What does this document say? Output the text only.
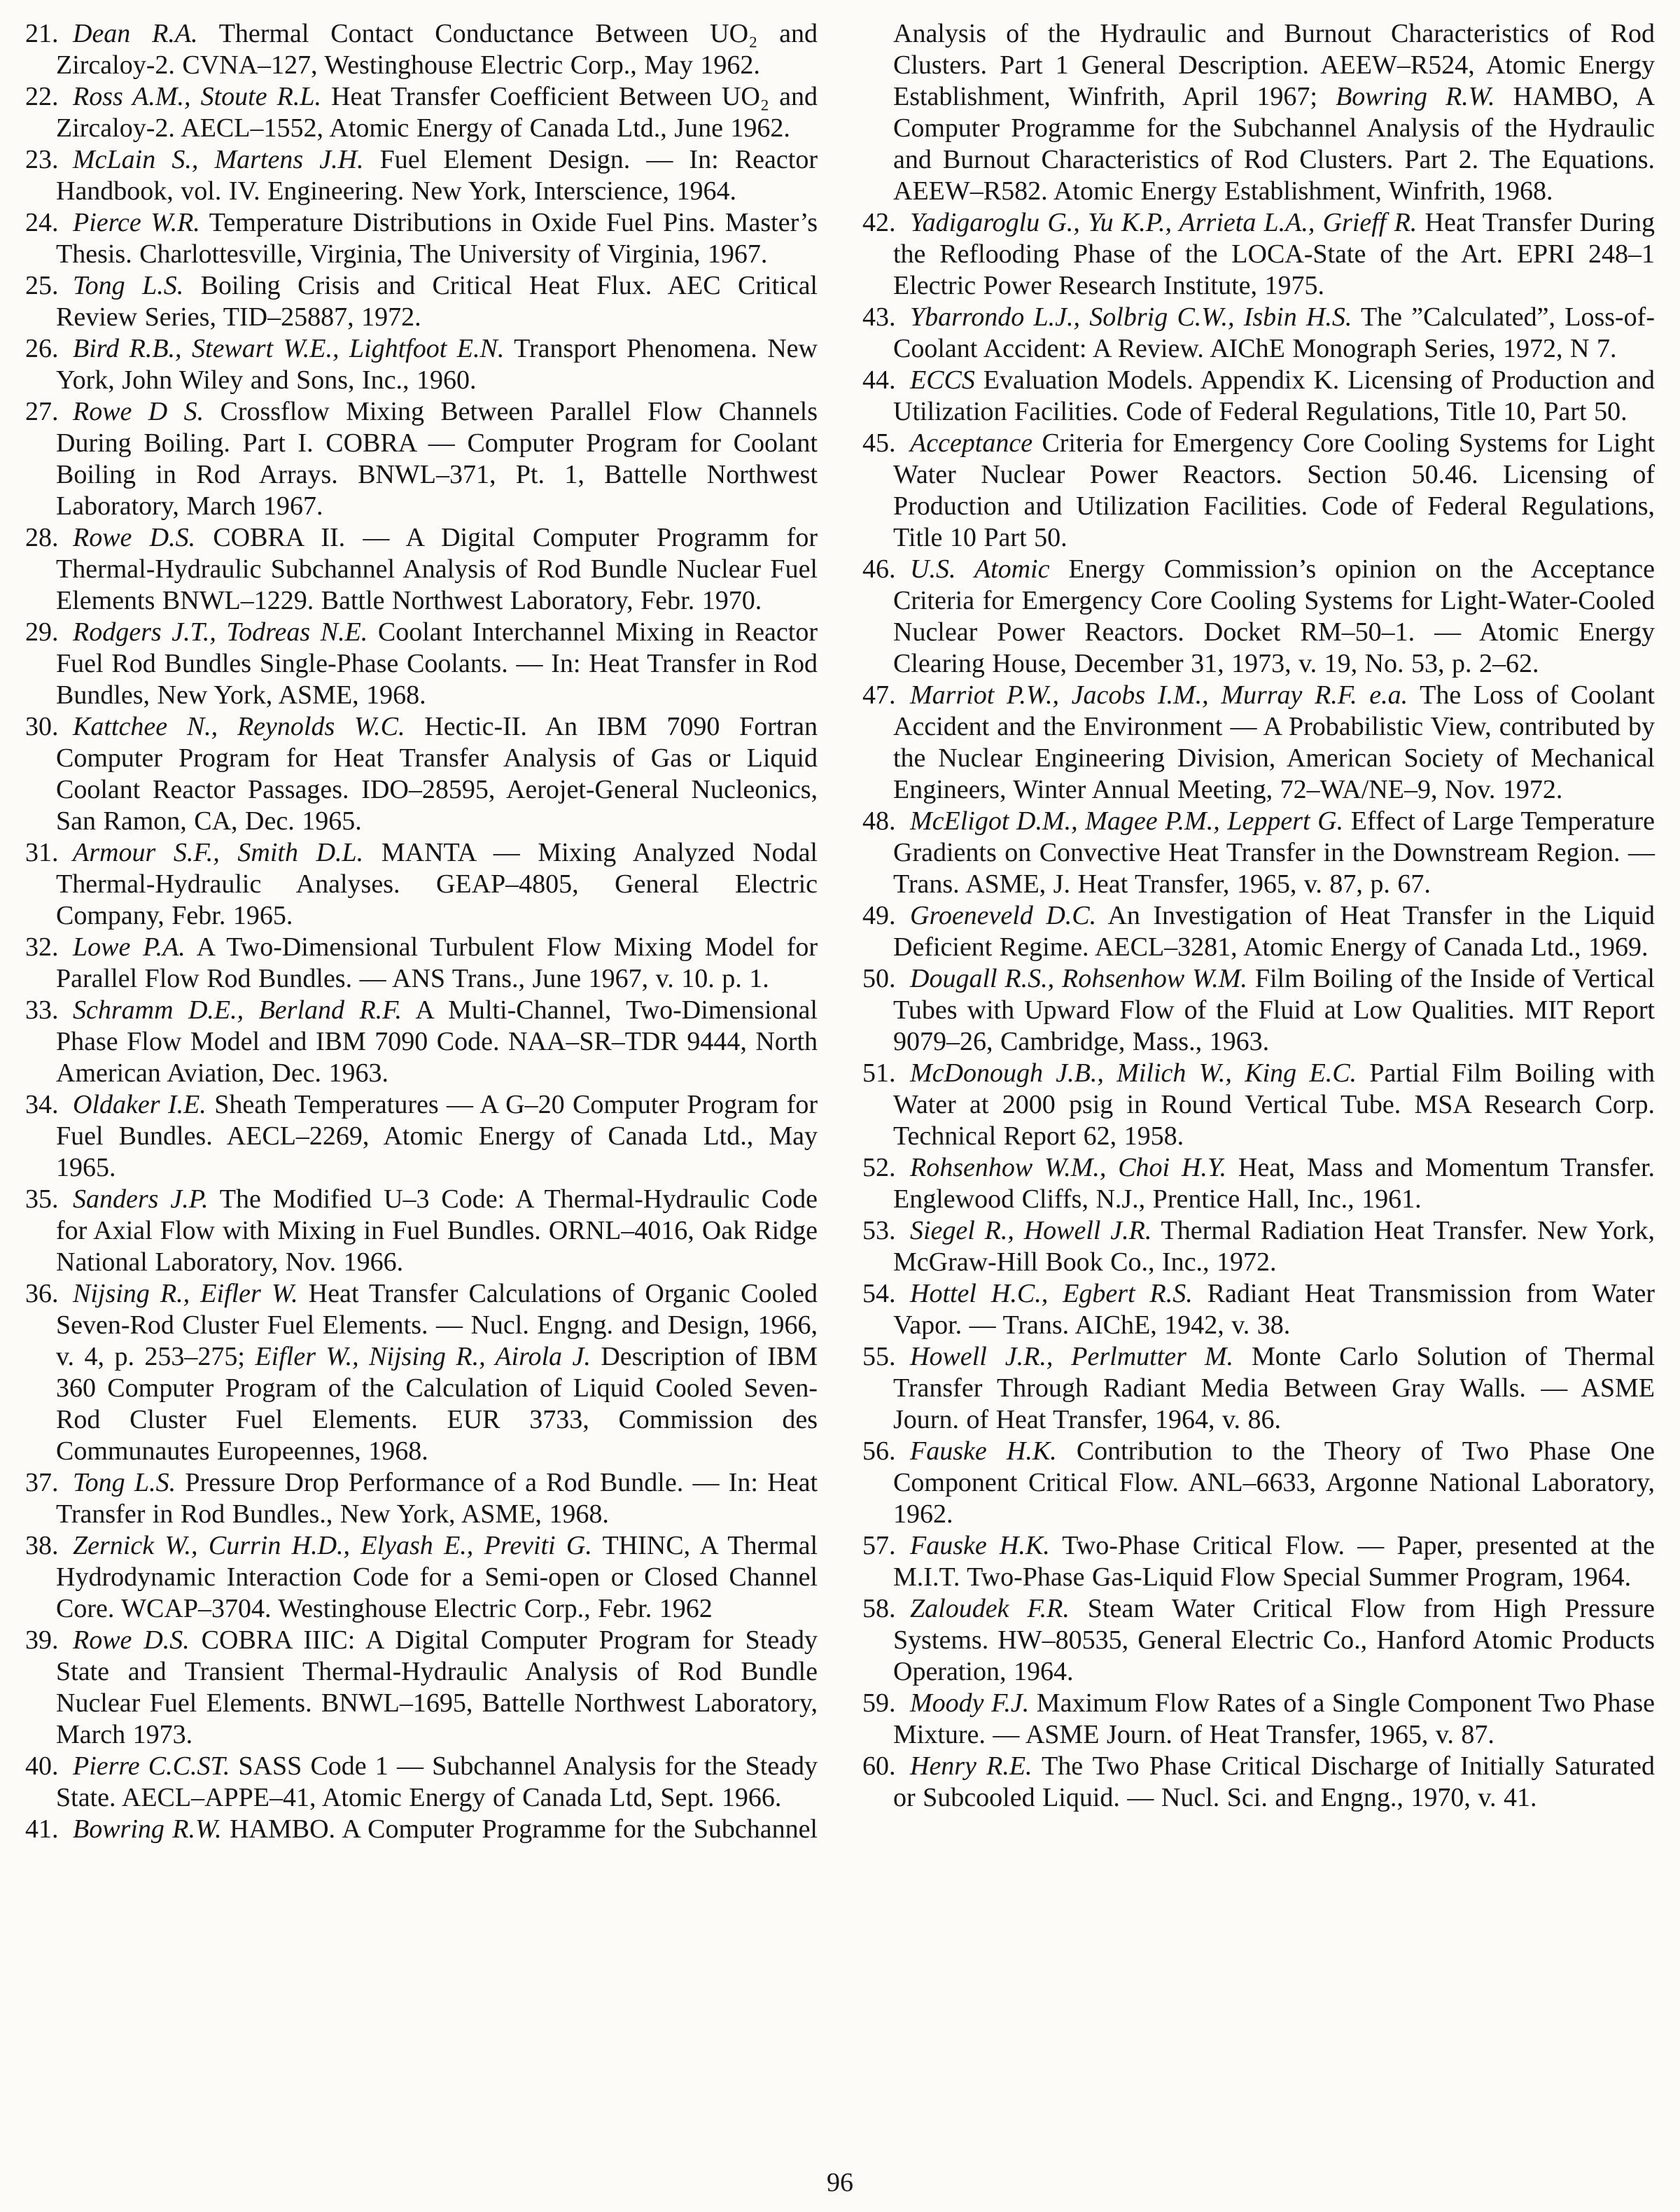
21. Dean R.A. Thermal Contact Conductance Between UO₂ and Zircaloy-2. CVNA–127, Westinghouse Electric Corp., May 1962.
22. Ross A.M., Stoute R.L. Heat Transfer Coefficient Between UO₂ and Zircaloy-2. AECL–1552, Atomic Energy of Canada Ltd., June 1962.
23. McLain S., Martens J.H. Fuel Element Design. — In: Reactor Handbook, vol. IV. Engineering. New York, Interscience, 1964.
24. Pierce W.R. Temperature Distributions in Oxide Fuel Pins. Master’s Thesis. Charlottesville, Virginia, The University of Virginia, 1967.
25. Tong L.S. Boiling Crisis and Critical Heat Flux. AEC Critical Review Series, TID–25887, 1972.
26. Bird R.B., Stewart W.E., Lightfoot E.N. Transport Phenomena. New York, John Wiley and Sons, Inc., 1960.
27. Rowe D S. Crossflow Mixing Between Parallel Flow Channels During Boiling. Part I. COBRA — Computer Program for Coolant Boiling in Rod Arrays. BNWL–371, Pt. 1, Battelle Northwest Laboratory, March 1967.
28. Rowe D.S. COBRA II. — A Digital Computer Programm for Thermal-Hydraulic Subchannel Analysis of Rod Bundle Nuclear Fuel Elements BNWL–1229. Battle Northwest Laboratory, Febr. 1970.
29. Rodgers J.T., Todreas N.E. Coolant Interchannel Mixing in Reactor Fuel Rod Bundles Single-Phase Coolants. — In: Heat Transfer in Rod Bundles, New York, ASME, 1968.
30. Kattchee N., Reynolds W.C. Hectic-II. An IBM 7090 Fortran Computer Program for Heat Transfer Analysis of Gas or Liquid Coolant Reactor Passages. IDO–28595, Aerojet-General Nucleonics, San Ramon, CA, Dec. 1965.
31. Armour S.F., Smith D.L. MANTA — Mixing Analyzed Nodal Thermal-Hydraulic Analyses. GEAP–4805, General Electric Company, Febr. 1965.
32. Lowe P.A. A Two-Dimensional Turbulent Flow Mixing Model for Parallel Flow Rod Bundles. — ANS Trans., June 1967, v. 10. p. 1.
33. Schramm D.E., Berland R.F. A Multi-Channel, Two-Dimensional Phase Flow Model and IBM 7090 Code. NAA–SR–TDR 9444, North American Aviation, Dec. 1963.
34. Oldaker I.E. Sheath Temperatures — A G–20 Computer Program for Fuel Bundles. AECL–2269, Atomic Energy of Canada Ltd., May 1965.
35. Sanders J.P. The Modified U–3 Code: A Thermal-Hydraulic Code for Axial Flow with Mixing in Fuel Bundles. ORNL–4016, Oak Ridge National Laboratory, Nov. 1966.
36. Nijsing R., Eifler W. Heat Transfer Calculations of Organic Cooled Seven-Rod Cluster Fuel Elements. — Nucl. Engng. and Design, 1966, v. 4, p. 253–275; Eifler W., Nijsing R., Airola J. Description of IBM 360 Computer Program of the Calculation of Liquid Cooled Seven-Rod Cluster Fuel Elements. EUR 3733, Commission des Communautes Europeennes, 1968.
37. Tong L.S. Pressure Drop Performance of a Rod Bundle. — In: Heat Transfer in Rod Bundles., New York, ASME, 1968.
38. Zernick W., Currin H.D., Elyash E., Previti G. THINC, A Thermal Hydrodynamic Interaction Code for a Semi-open or Closed Channel Core. WCAP–3704. Westinghouse Electric Corp., Febr. 1962
39. Rowe D.S. COBRA IIIC: A Digital Computer Program for Steady State and Transient Thermal-Hydraulic Analysis of Rod Bundle Nuclear Fuel Elements. BNWL–1695, Battelle Northwest Laboratory, March 1973.
40. Pierre C.C.ST. SASS Code 1 — Subchannel Analysis for the Steady State. AECL–APPE–41, Atomic Energy of Canada Ltd, Sept. 1966.
41. Bowring R.W. HAMBO. A Computer Programme for the Subchannel Analysis of the Hydraulic and Burnout Characteristics of Rod Clusters. Part 1 General Description. AEEW–R524, Atomic Energy Establishment, Winfrith, April 1967; Bowring R.W. HAMBO, A Computer Programme for the Subchannel Analysis of the Hydraulic and Burnout Characteristics of Rod Clusters. Part 2. The Equations. AEEW–R582. Atomic Energy Establishment, Winfrith, 1968.
42. Yadigaroglu G., Yu K.P., Arrieta L.A., Grieff R. Heat Transfer During the Reflooding Phase of the LOCA-State of the Art. EPRI 248–1 Electric Power Research Institute, 1975.
43. Ybarrondo L.J., Solbrig C.W., Isbin H.S. The ”Calculated”, Loss-of-Coolant Accident: A Review. AIChE Monograph Series, 1972, N 7.
44. ECCS Evaluation Models. Appendix K. Licensing of Production and Utilization Facilities. Code of Federal Regulations, Title 10, Part 50.
45. Acceptance Criteria for Emergency Core Cooling Systems for Light Water Nuclear Power Reactors. Section 50.46. Licensing of Production and Utilization Facilities. Code of Federal Regulations, Title 10 Part 50.
46. U.S. Atomic Energy Commission’s opinion on the Acceptance Criteria for Emergency Core Cooling Systems for Light-Water-Cooled Nuclear Power Reactors. Docket RM–50–1. — Atomic Energy Clearing House, December 31, 1973, v. 19, No. 53, p. 2–62.
47. Marriot P.W., Jacobs I.M., Murray R.F. e.a. The Loss of Coolant Accident and the Environment — A Probabilistic View, contributed by the Nuclear Engineering Division, American Society of Mechanical Engineers, Winter Annual Meeting, 72–WA/NE–9, Nov. 1972.
48. McEligot D.M., Magee P.M., Leppert G. Effect of Large Temperature Gradients on Convective Heat Transfer in the Downstream Region. — Trans. ASME, J. Heat Transfer, 1965, v. 87, p. 67.
49. Groeneveld D.C. An Investigation of Heat Transfer in the Liquid Deficient Regime. AECL–3281, Atomic Energy of Canada Ltd., 1969.
50. Dougall R.S., Rohsenhow W.M. Film Boiling of the Inside of Vertical Tubes with Upward Flow of the Fluid at Low Qualities. MIT Report 9079–26, Cambridge, Mass., 1963.
51. McDonough J.B., Milich W., King E.C. Partial Film Boiling with Water at 2000 psig in Round Vertical Tube. MSA Research Corp. Technical Report 62, 1958.
52. Rohsenhow W.M., Choi H.Y. Heat, Mass and Momentum Transfer. Englewood Cliffs, N.J., Prentice Hall, Inc., 1961.
53. Siegel R., Howell J.R. Thermal Radiation Heat Transfer. New York, McGraw-Hill Book Co., Inc., 1972.
54. Hottel H.C., Egbert R.S. Radiant Heat Transmission from Water Vapor. — Trans. AIChE, 1942, v. 38.
55. Howell J.R., Perlmutter M. Monte Carlo Solution of Thermal Transfer Through Radiant Media Between Gray Walls. — ASME Journ. of Heat Transfer, 1964, v. 86.
56. Fauske H.K. Contribution to the Theory of Two Phase One Component Critical Flow. ANL–6633, Argonne National Laboratory, 1962.
57. Fauske H.K. Two-Phase Critical Flow. — Paper, presented at the M.I.T. Two-Phase Gas-Liquid Flow Special Summer Program, 1964.
58. Zaloudek F.R. Steam Water Critical Flow from High Pressure Systems. HW–80535, General Electric Co., Hanford Atomic Products Operation, 1964.
59. Moody F.J. Maximum Flow Rates of a Single Component Two Phase Mixture. — ASME Journ. of Heat Transfer, 1965, v. 87.
60. Henry R.E. The Two Phase Critical Discharge of Initially Saturated or Subcooled Liquid. — Nucl. Sci. and Engng., 1970, v. 41.
96
